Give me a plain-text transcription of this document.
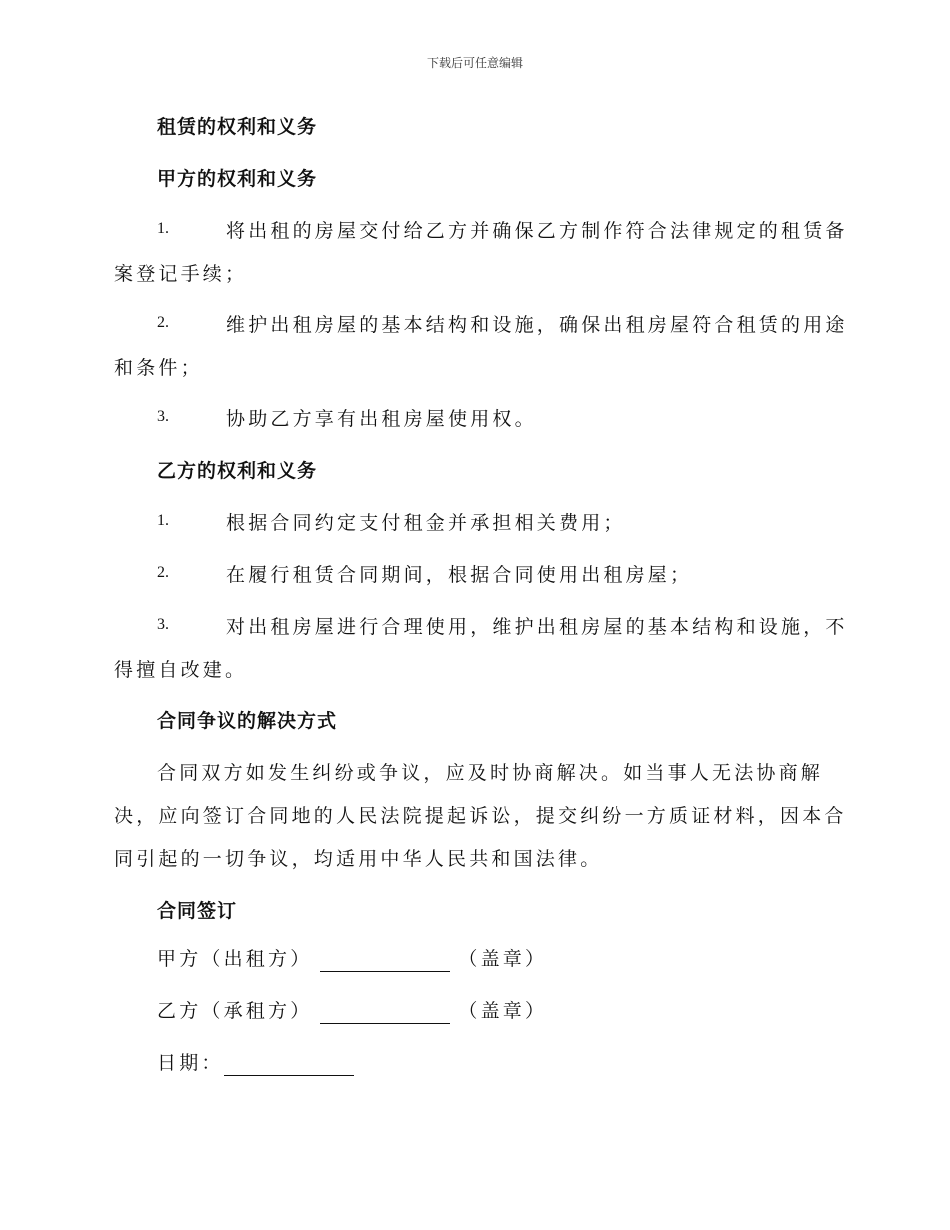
下载后可任意编辑
租赁的权利和义务
甲方的权利和义务
1.	将出租的房屋交付给乙方并确保乙方制作符合法律规定的租赁备
案登记手续；
2.	维护出租房屋的基本结构和设施，确保出租房屋符合租赁的用途
和条件；
3.	协助乙方享有出租房屋使用权。
乙方的权利和义务
1.	根据合同约定支付租金并承担相关费用；
2.	在履行租赁合同期间，根据合同使用出租房屋；
3.	对出租房屋进行合理使用，维护出租房屋的基本结构和设施，不
得擅自改建。
合同争议的解决方式
合同双方如发生纠纷或争议，应及时协商解决。如当事人无法协商解
决，应向签订合同地的人民法院提起诉讼，提交纠纷一方质证材料，因本合
同引起的一切争议，均适用中华人民共和国法律。
合同签订
甲方（出租方）	（盖章）
乙方（承租方）	（盖章）
日期：
